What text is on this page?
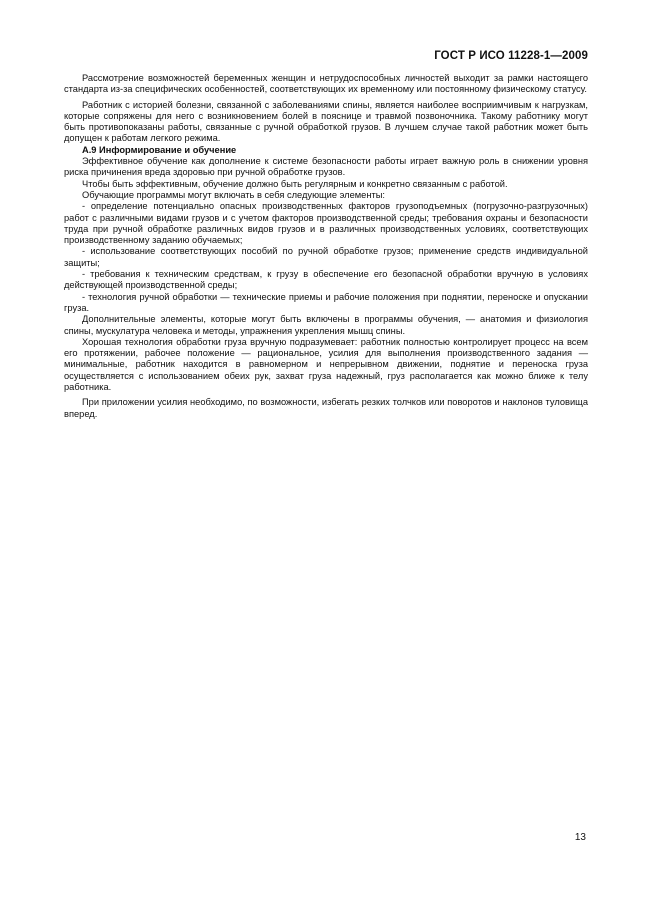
ГОСТ Р ИСО 11228-1—2009

Рассмотрение возможностей беременных женщин и нетрудоспособных личностей выходит за рамки настоящего стандарта из-за специфических особенностей, соответствующих их временному или постоянному физическому статусу.

Работник с историей болезни, связанной с заболеваниями спины, является наиболее восприимчивым к нагрузкам, которые сопряжены для него с возникновением болей в пояснице и травмой позвоночника. Такому работнику могут быть противопоказаны работы, связанные с ручной обработкой грузов. В лучшем случае такой работник может быть допущен к работам легкого режима.

А.9 Информирование и обучение

Эффективное обучение как дополнение к системе безопасности работы играет важную роль в снижении уровня риска причинения вреда здоровью при ручной обработке грузов.

Чтобы быть эффективным, обучение должно быть регулярным и конкретно связанным с работой.

Обучающие программы могут включать в себя следующие элементы:

- определение потенциально опасных производственных факторов грузоподъемных (погрузочно-разгрузочных) работ с различными видами грузов и с учетом факторов производственной среды; требования охраны и безопасности труда при ручной обработке различных видов грузов и в различных производственных условиях, соответствующих производственному заданию обучаемых;

- использование соответствующих пособий по ручной обработке грузов; применение средств индивидуальной защиты;

- требования к техническим средствам, к грузу в обеспечение его безопасной обработки вручную в условиях действующей производственной среды;

- технология ручной обработки — технические приемы и рабочие положения при поднятии, переноске и опускании груза.

Дополнительные элементы, которые могут быть включены в программы обучения, — анатомия и физиология спины, мускулатура человека и методы, упражнения укрепления мышц спины.

Хорошая технология обработки груза вручную подразумевает: работник полностью контролирует процесс на всем его протяжении, рабочее положение — рациональное, усилия для выполнения производственного задания — минимальные, работник находится в равномерном и непрерывном движении, поднятие и переноска груза осуществляется с использованием обеих рук, захват груза надежный, груз располагается как можно ближе к телу работника.

При приложении усилия необходимо, по возможности, избегать резких толчков или поворотов и наклонов туловища вперед.

13
